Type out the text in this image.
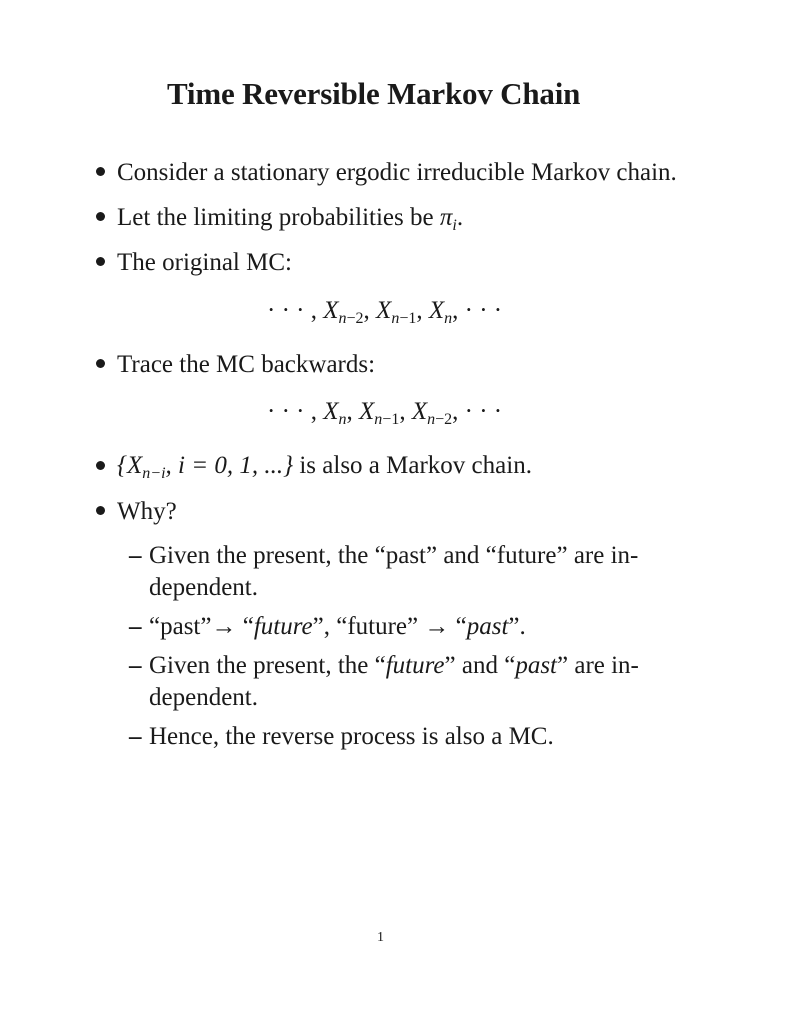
Time Reversible Markov Chain
Consider a stationary ergodic irreducible Markov chain.
Let the limiting probabilities be $\pi_i$.
The original MC:
· · · , $X_{n-2}$, $X_{n-1}$, $X_n$, · · ·
Trace the MC backwards:
· · · , $X_n$, $X_{n-1}$, $X_{n-2}$, · · ·
{$X_{n-i}$, i = 0, 1, ...} is also a Markov chain.
Why?
– Given the present, the “past” and “future” are in-
dependent.
– “past”→ “future”, “future” → “past”.
– Given the present, the “future” and “past” are in-
dependent.
– Hence, the reverse process is also a MC.
1
